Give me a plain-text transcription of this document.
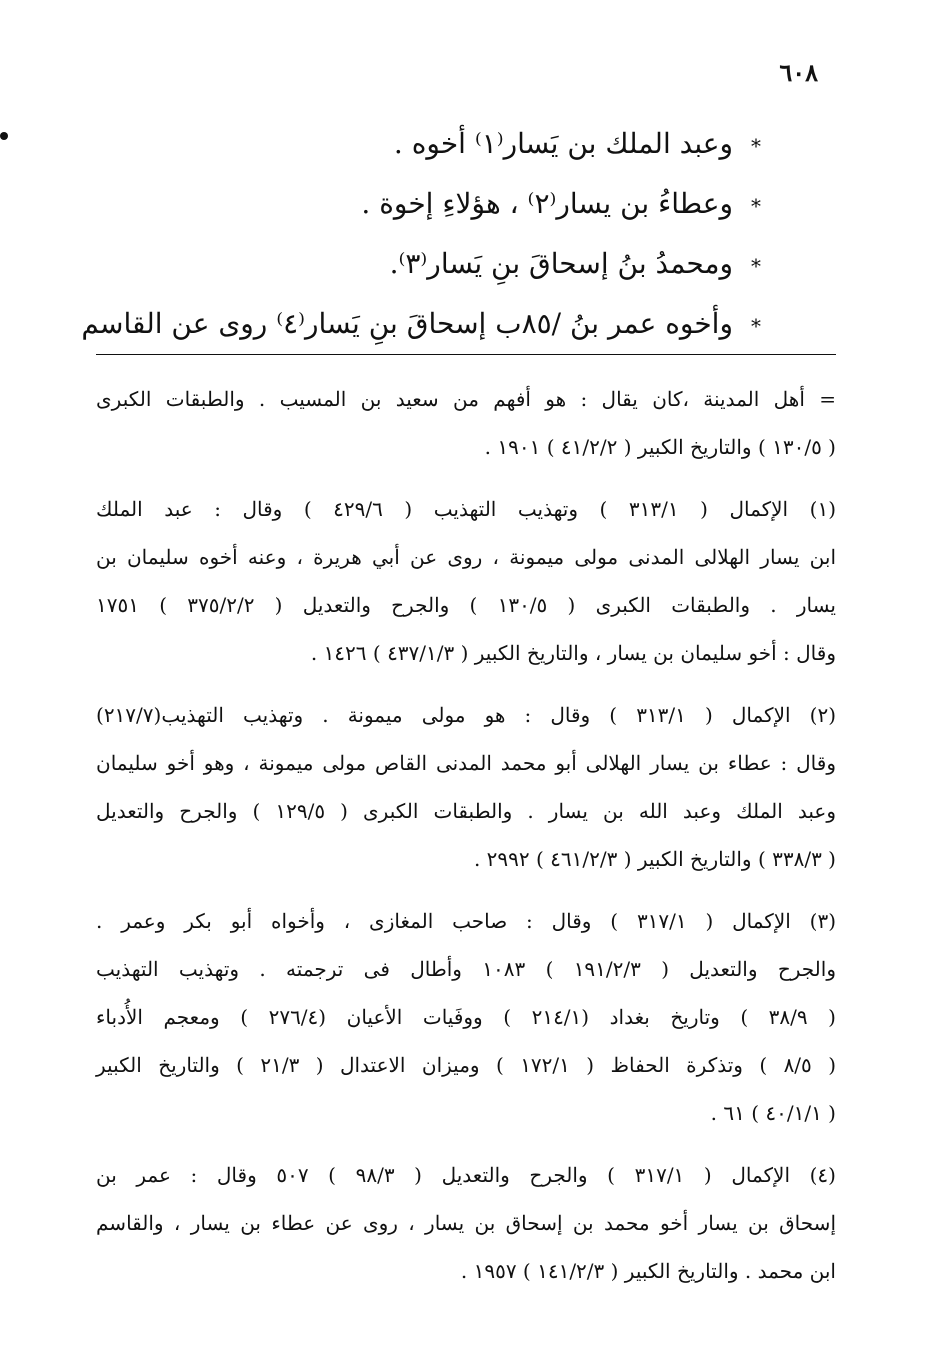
٦٠٨
*وعبد الملك بن يَسار⁽١⁾ أخوه .
*وعطاءُ بن يسار⁽٢⁾ ، هؤلاءِ إخوة .
*ومحمدُ بنُ إسحاقَ بنِ يَسار⁽٣⁾.
*وأخوه عمر بنُ /٨٥ب إسحاقَ بنِ يَسار⁽٤⁾ روى عن القاسم
= أهل المدينة ،كان يقال : هو أفهم من سعيد بن المسيب . والطبقات الكبرى
( ١٣٠/٥ ) والتاريخ الكبير ( ٤١/٢/٢ ) ١٩٠١ .
(١) الإكمال ( ٣١٣/١ ) وتهذيب التهذيب ( ٤٢٩/٦ ) وقال : عبد الملك
ابن يسار الهلالى المدنى مولى ميمونة ، روى عن أبي هريرة ، وعنه أخوه سليمان بن
يسار . والطبقات الكبرى ( ١٣٠/٥ ) والجرح والتعديل ( ٣٧٥/٢/٢ ) ١٧٥١
وقال : أخو سليمان بن يسار ، والتاريخ الكبير ( ٤٣٧/١/٣ ) ١٤٢٦ .
(٢) الإكمال ( ٣١٣/١ ) وقال : هو مولى ميمونة . وتهذيب التهذيب(٢١٧/٧)
وقال : عطاء بن يسار الهلالى أبو محمد المدنى القاص مولى ميمونة ، وهو أخو سليمان
وعبد الملك وعبد الله بن يسار . والطبقات الكبرى ( ١٢٩/٥ ) والجرح والتعديل
( ٣٣٨/٣ ) والتاريخ الكبير ( ٤٦١/٢/٣ ) ٢٩٩٢ .
(٣) الإكمال ( ٣١٧/١ ) وقال : صاحب المغازى ، وأخواه أبو بكر وعمر .
والجرح والتعديل ( ١٩١/٢/٣ ) ١٠٨٣ وأطال فى ترجمته . وتهذيب التهذيب
( ٣٨/٩ ) وتاريخ بغداد (٢١٤/١ ) ووفَيات الأعيان (٢٧٦/٤ ) ومعجم الأُدباء
( ٨/٥ ) وتذكرة الحفاظ ( ١٧٢/١ ) وميزان الاعتدال ( ٢١/٣ ) والتاريخ الكبير
( ٤٠/١/١ ) ٦١ .
(٤) الإكمال ( ٣١٧/١ ) والجرح والتعديل ( ٩٨/٣ ) ٥٠٧ وقال : عمر بن
إسحاق بن يسار أخو محمد بن إسحاق بن يسار ، روى عن عطاء بن يسار ، والقاسم
ابن محمد . والتاريخ الكبير ( ١٤١/٢/٣ ) ١٩٥٧ .
